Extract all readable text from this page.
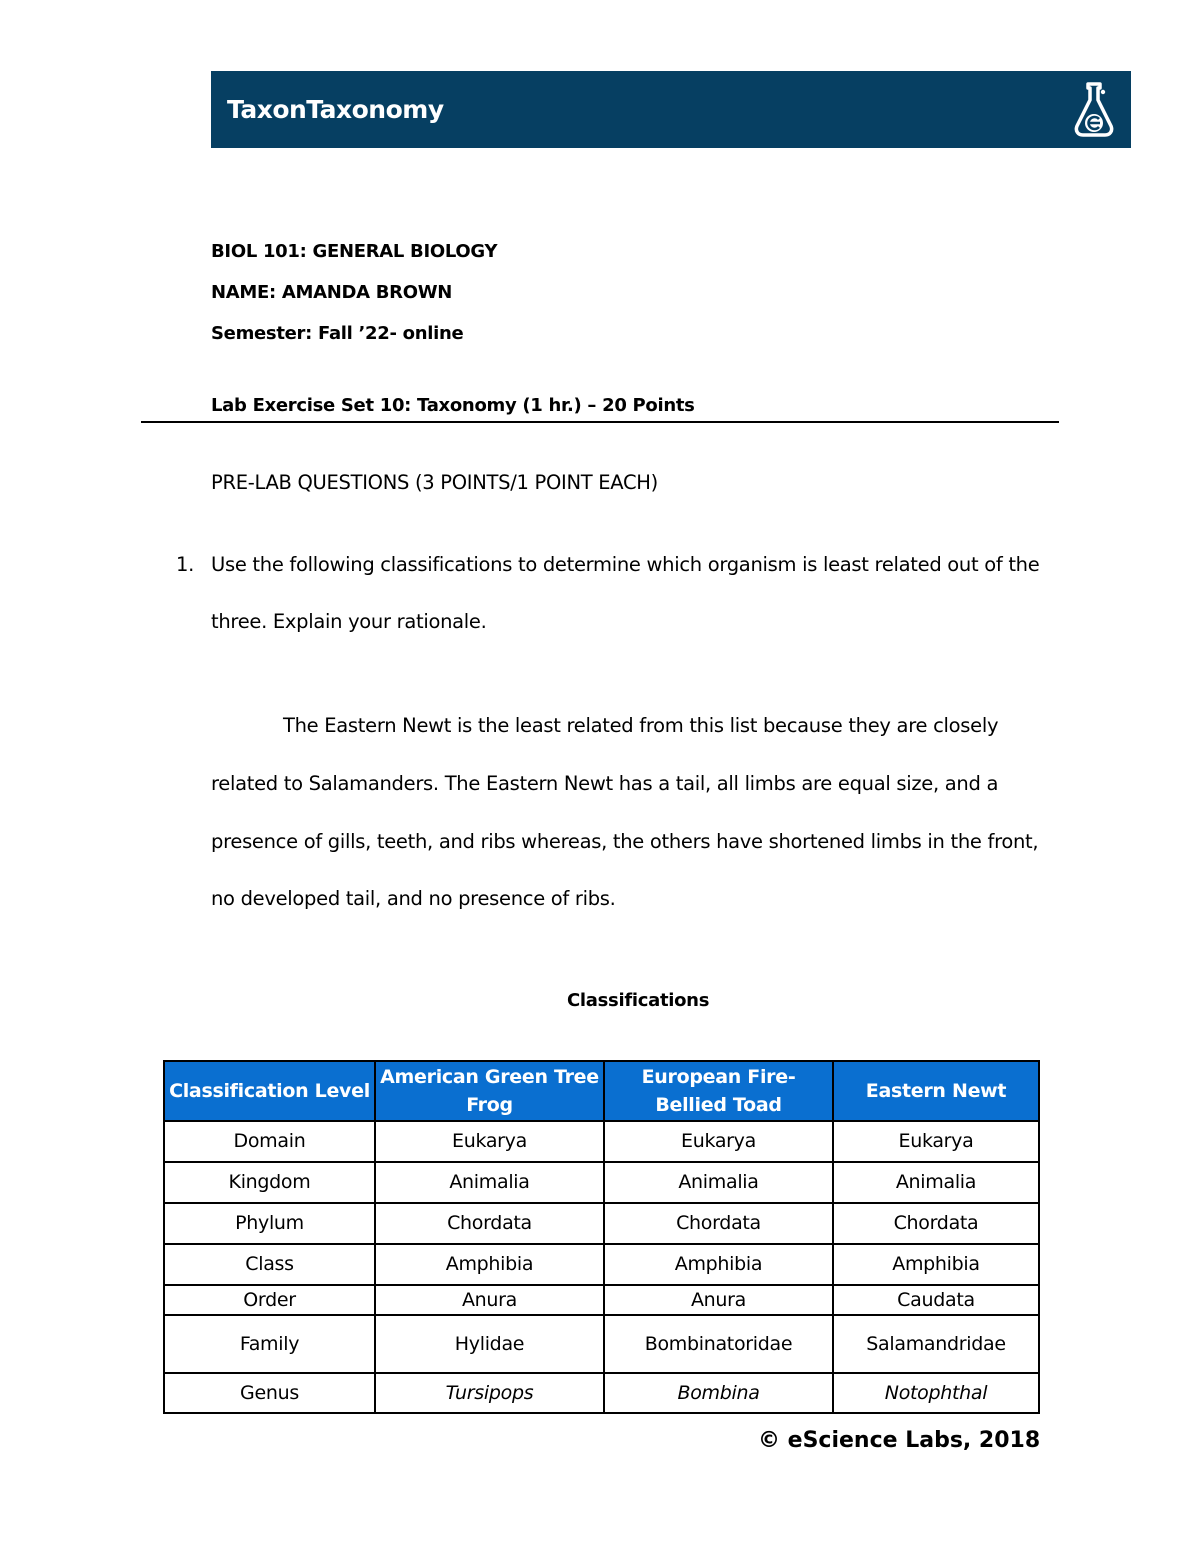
TaxonTaxonomy
BIOL 101: GENERAL BIOLOGY
NAME: AMANDA BROWN
Semester: Fall ’22- online
Lab Exercise Set 10: Taxonomy (1 hr.) – 20 Points
PRE-LAB QUESTIONS (3 POINTS/1 POINT EACH)
1. Use the following classifications to determine which organism is least related out of the
three. Explain your rationale.
The Eastern Newt is the least related from this list because they are closely
related to Salamanders. The Eastern Newt has a tail, all limbs are equal size, and a
presence of gills, teeth, and ribs whereas, the others have shortened limbs in the front,
no developed tail, and no presence of ribs.
Classifications
Classification Level	American Green Tree Frog	European Fire-Bellied Toad	Eastern Newt
Domain	Eukarya	Eukarya	Eukarya
Kingdom	Animalia	Animalia	Animalia
Phylum	Chordata	Chordata	Chordata
Class	Amphibia	Amphibia	Amphibia
Order	Anura	Anura	Caudata
Family	Hylidae	Bombinatoridae	Salamandridae
Genus	Tursipops	Bombina	Notophthal
© eScience Labs, 2018
